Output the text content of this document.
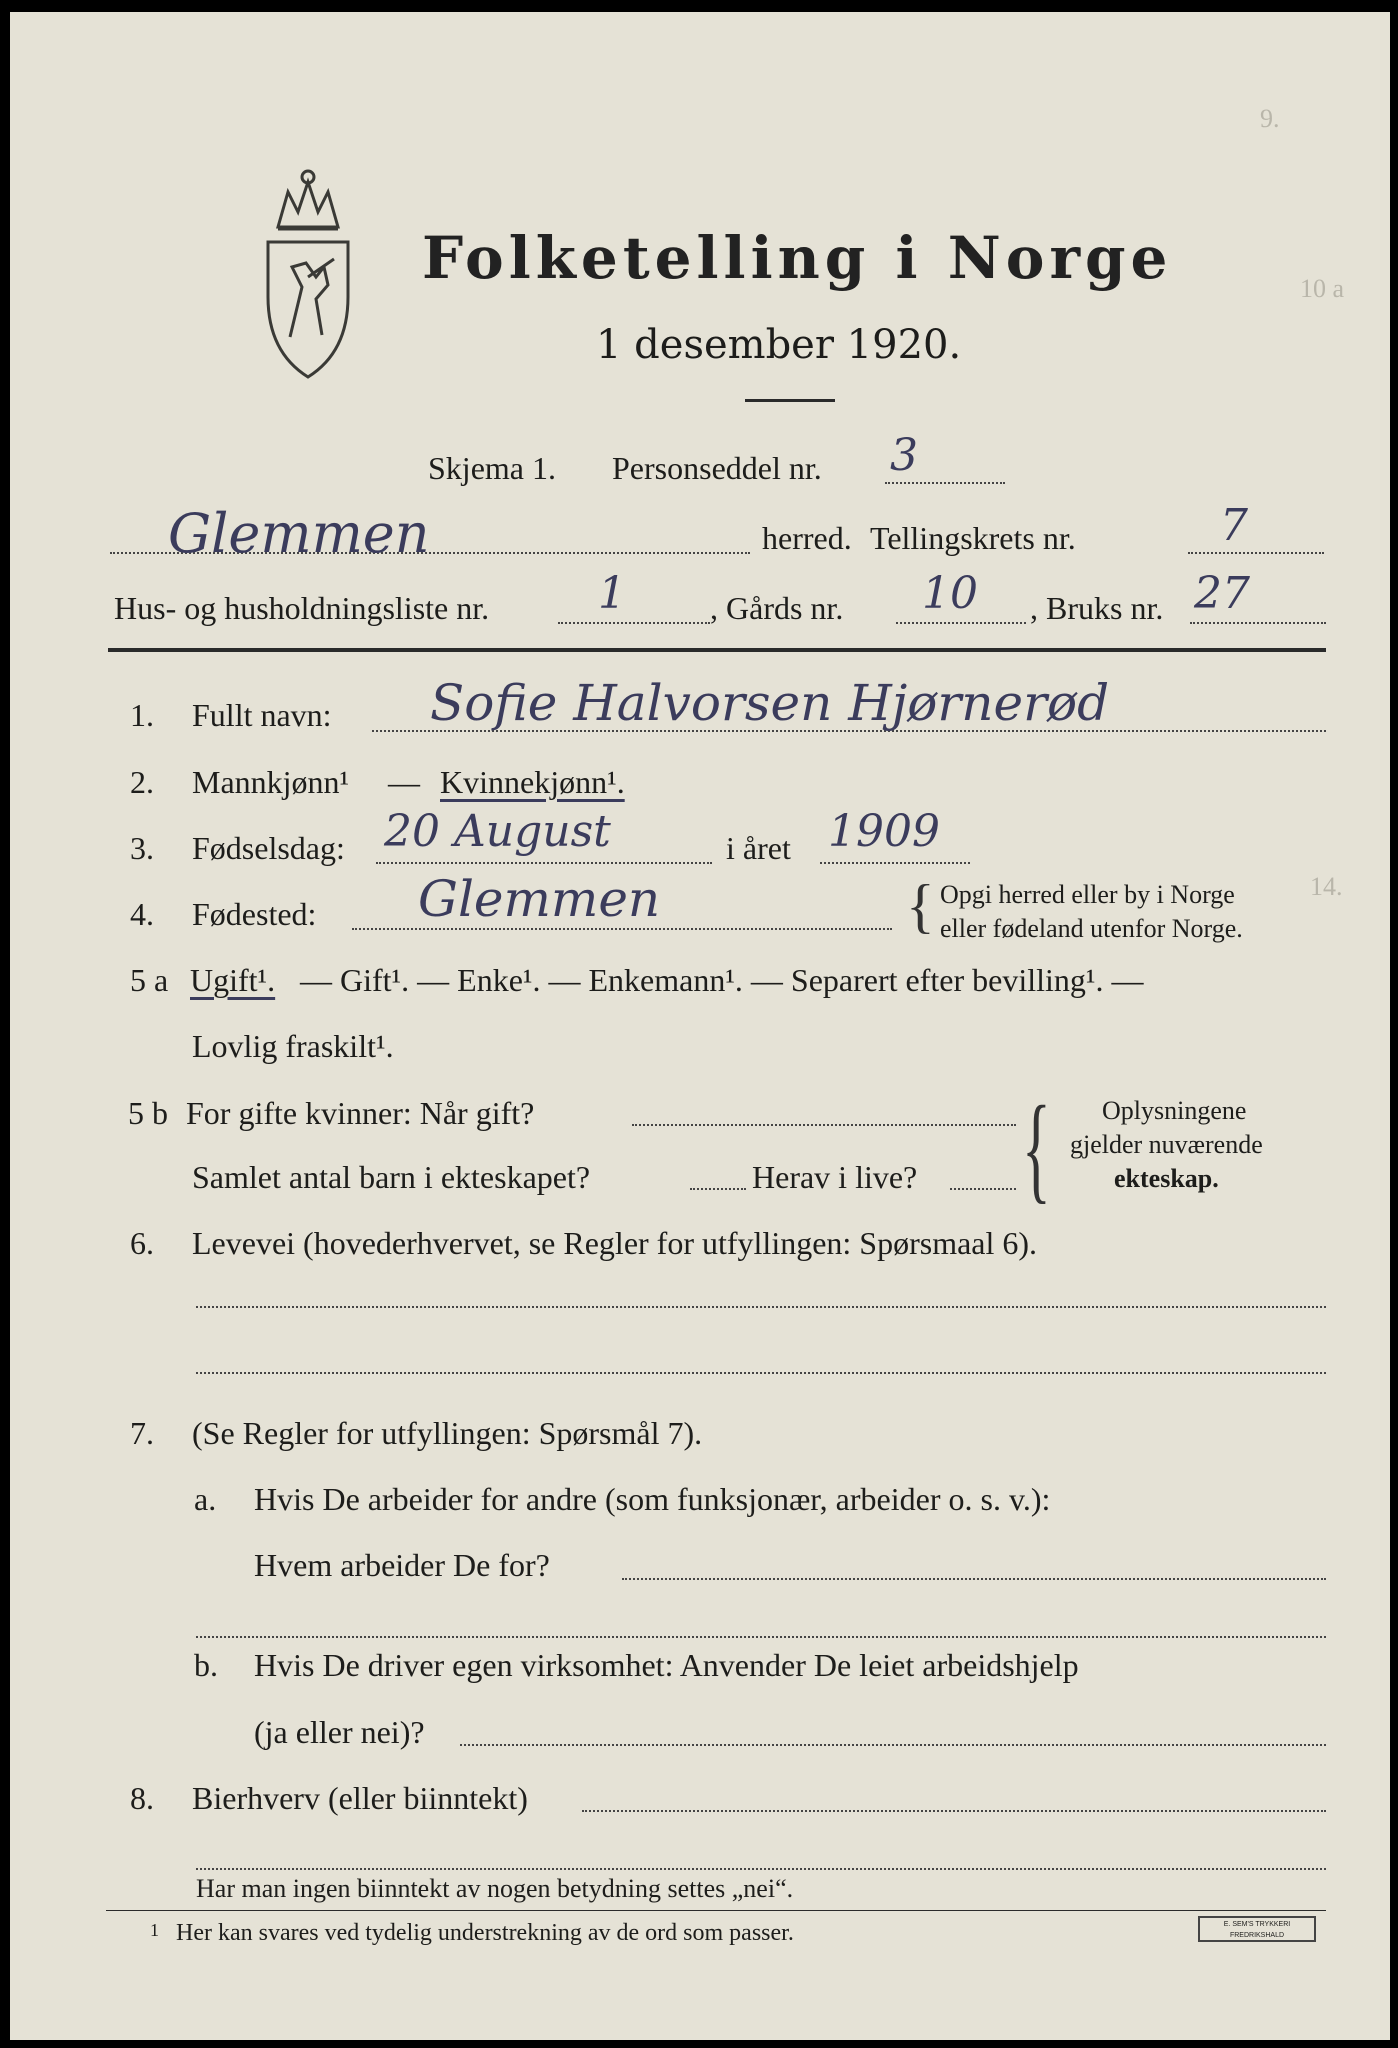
9.
10 a
14.
Folketelling i Norge
1 desember 1920.
Skjema 1. Personseddel nr. 3
Glemmen	herred. Tellingskrets nr.	7
Hus- og husholdningsliste nr. 1	, Gårds nr. 10 , Bruks nr. 27
1. Fullt navn: Sofie Halvorsen Hjørnerød
2. Mannkjønn¹ — Kvinnekjønn¹.
3. Fødselsdag: 20 August	i året 1909
4. Fødested: Glemmen	{ Opgi herred eller by i Norge
eller fødeland utenfor Norge.
5 a Ugift¹. — Gift¹. — Enke¹. — Enkemann¹. — Separert efter bevilling¹. —
Lovlig fraskilt¹.
5 b For gifte kvinner: Når gift?
Samlet antal barn i ekteskapet?	Herav i live? { Oplysningene
gjelder nuværende
ekteskap.
6. Levevei (hovederhvervet, se Regler for utfyllingen: Spørsmaal 6).
7. (Se Regler for utfyllingen: Spørsmål 7).
a. Hvis De arbeider for andre (som funksjonær, arbeider o. s. v.):
Hvem arbeider De for?
b. Hvis De driver egen virksomhet: Anvender De leiet arbeidshjelp
(ja eller nei)?
8. Bierhverv (eller biinntekt)
Har man ingen biinntekt av nogen betydning settes „nei“.
1 Her kan svares ved tydelig understrekning av de ord som passer.	E. SEM'S TRYKKERI FREDRIKSHALD
